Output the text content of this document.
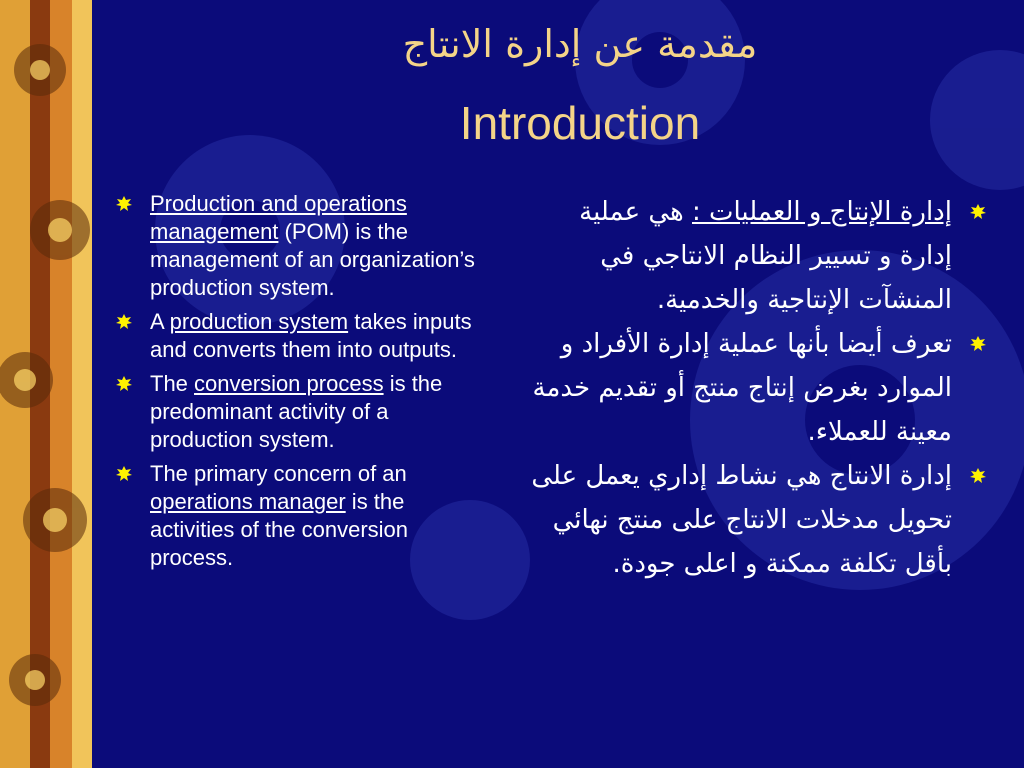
مقدمة عن إدارة الانتاج
Introduction
Production and operations management (POM) is the management of an organization’s production system.
A production system takes inputs and converts them into outputs.
The conversion process is the predominant activity of a production system.
The primary concern of an operations manager is the activities of the conversion process.
إدارة الإنتاج و العمليات : هي عملية إدارة و تسيير النظام الانتاجي في المنشآت الإنتاجية والخدمية.
تعرف أيضا بأنها عملية إدارة الأفراد و الموارد بغرض إنتاج منتج أو تقديم خدمة معينة للعملاء.
إدارة الانتاج هي نشاط إداري يعمل على تحويل مدخلات الانتاج على منتج نهائي بأقل تكلفة ممكنة و اعلى جودة.
